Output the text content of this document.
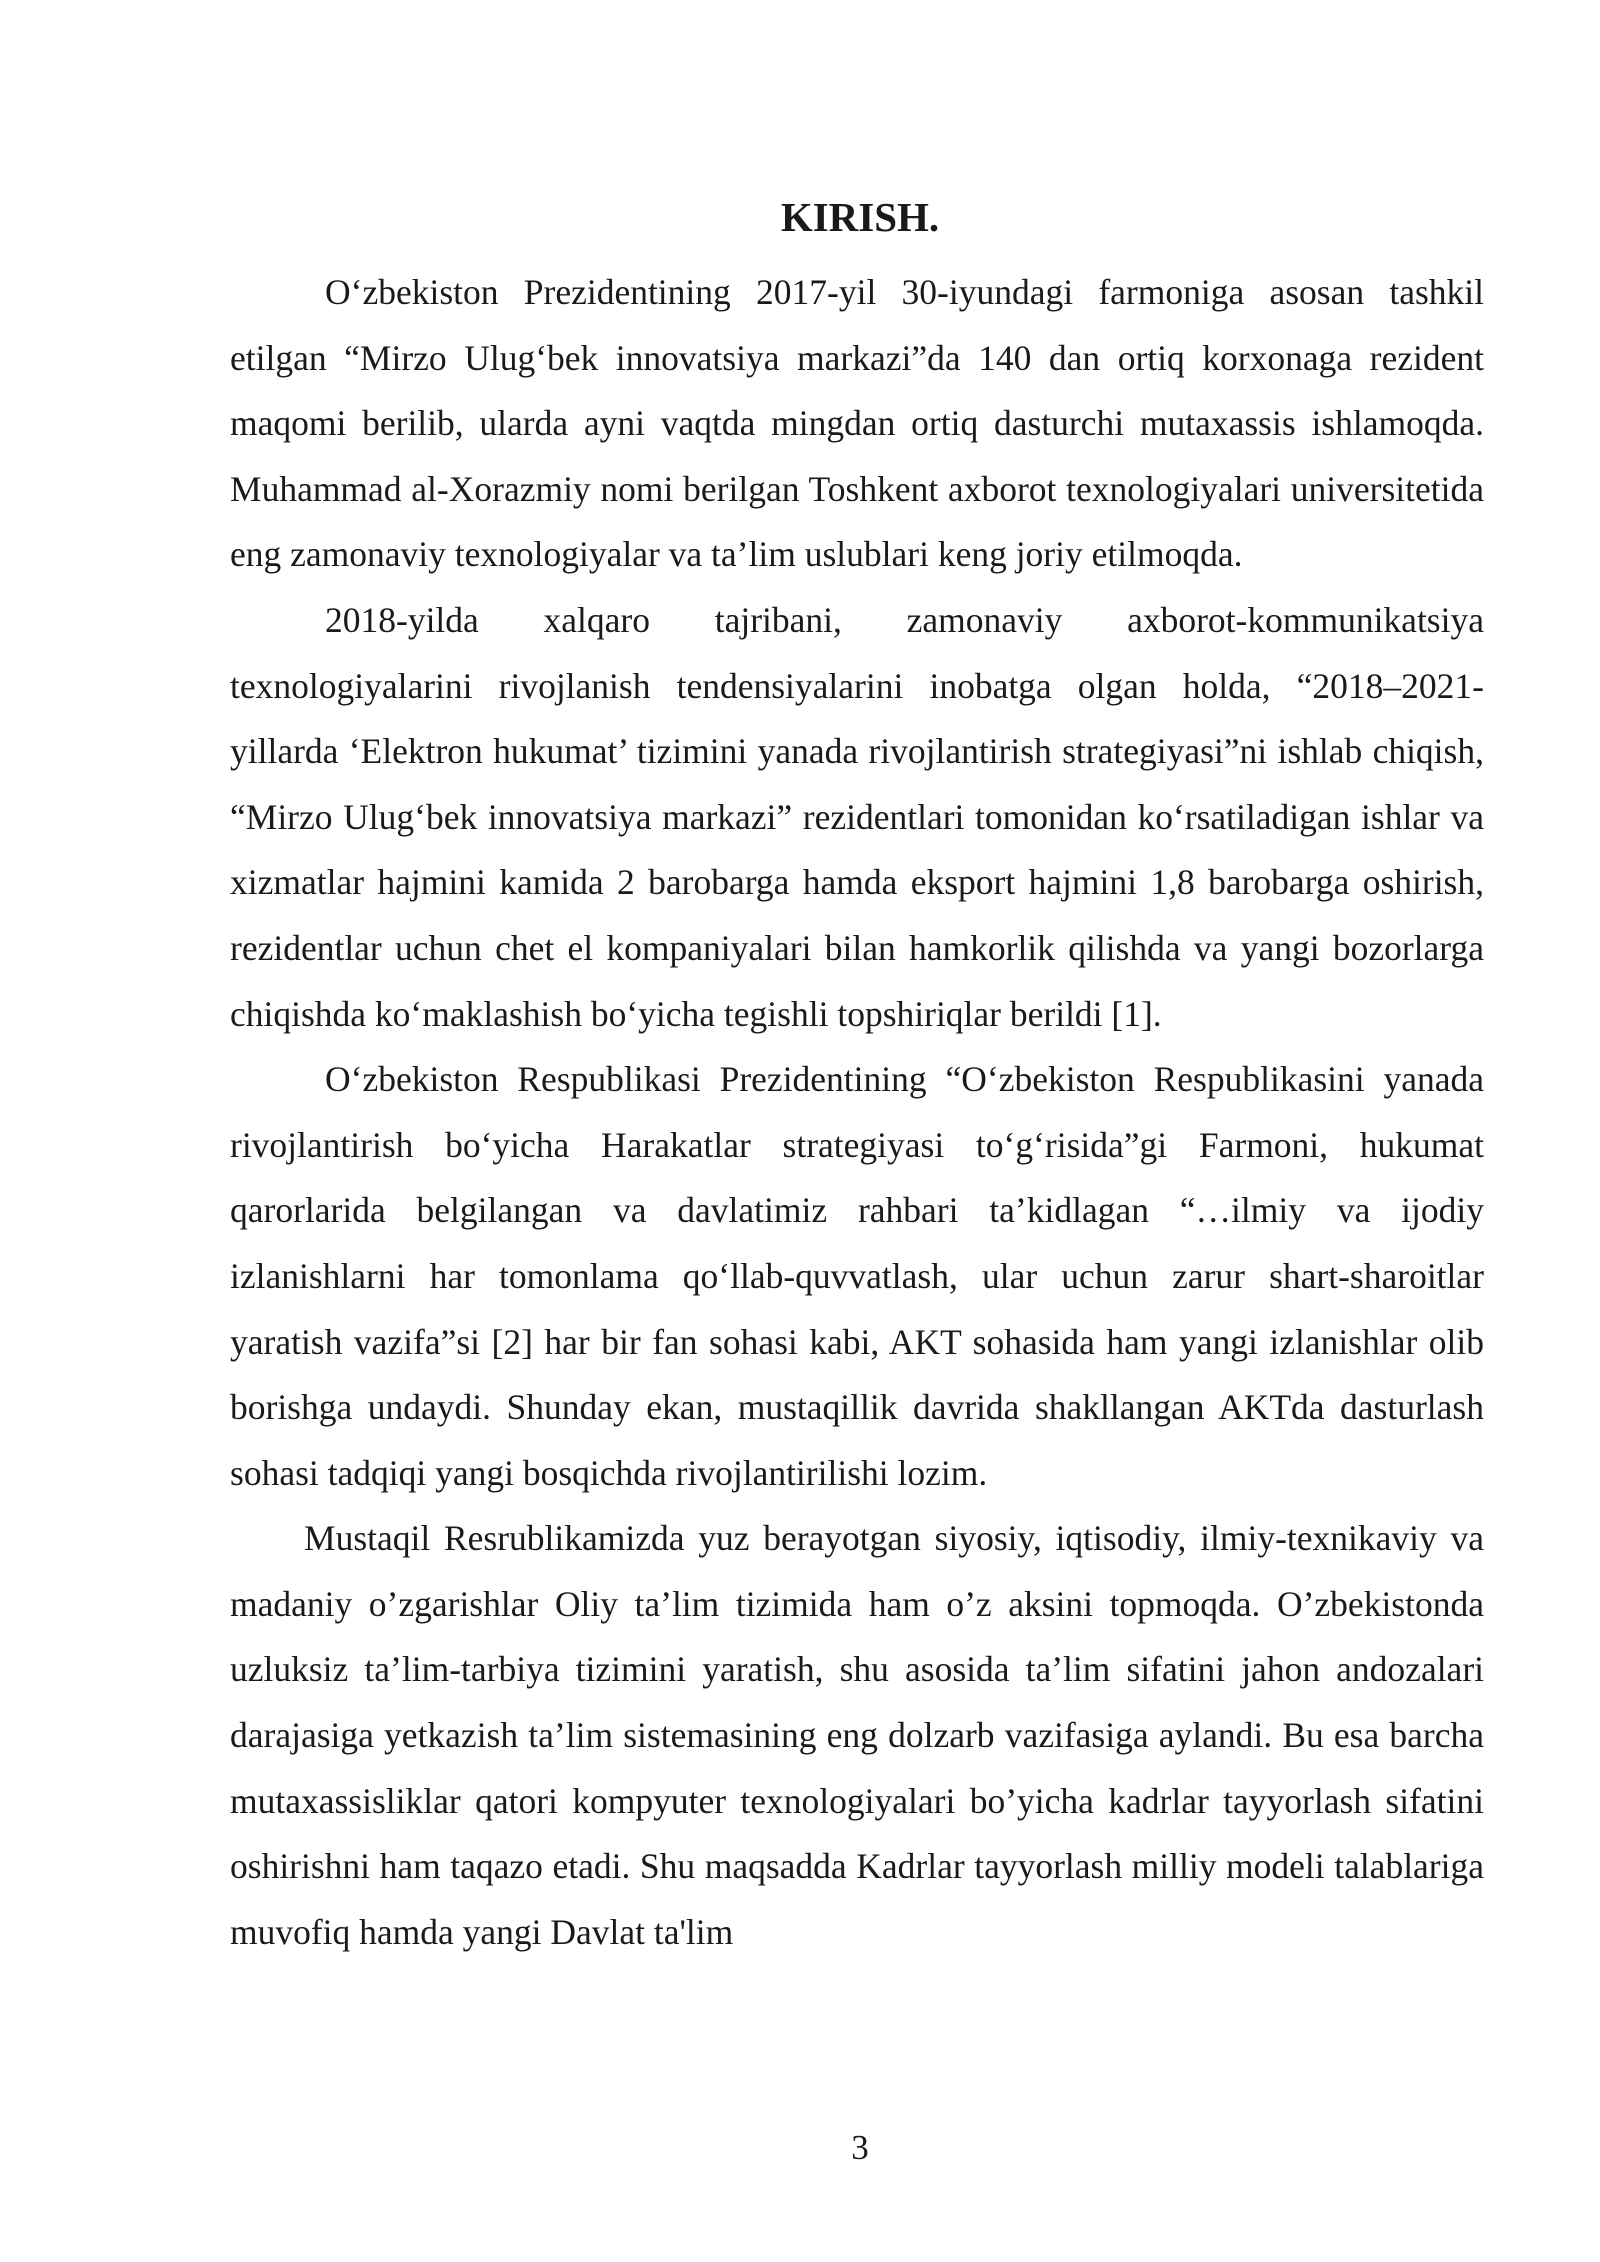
KIRISH.

O‘zbekiston Prezidentining 2017-yil 30-iyundagi farmoniga asosan tashkil etilgan “Mirzo Ulug‘bek innovatsiya markazi”da 140 dan ortiq korxonaga rezident maqomi berilib, ularda ayni vaqtda mingdan ortiq dasturchi mutaxassis ishlamoqda. Muhammad al-Xorazmiy nomi berilgan Toshkent axborot texnologiyalari universitetida eng zamonaviy texnologiyalar va ta’lim uslublari keng joriy etilmoqda.

2018-yilda xalqaro tajribani, zamonaviy axborot-kommunikatsiya texnologiyalarini rivojlanish tendensiyalarini inobatga olgan holda, “2018–2021-yillarda ‘Elektron hukumat’ tizimini yanada rivojlantirish strategiyasi”ni ishlab chiqish, “Mirzo Ulug‘bek innovatsiya markazi” rezidentlari tomonidan ko‘rsatiladigan ishlar va xizmatlar hajmini kamida 2 barobarga hamda eksport hajmini 1,8 barobarga oshirish, rezidentlar uchun chet el kompaniyalari bilan hamkorlik qilishda va yangi bozorlarga chiqishda ko‘maklashish bo‘yicha tegishli topshiriqlar berildi [1].

O‘zbekiston Respublikasi Prezidentining “O‘zbekiston Respublikasini yanada rivojlantirish bo‘yicha Harakatlar strategiyasi to‘g‘risida”gi Farmoni, hukumat qarorlarida belgilangan va davlatimiz rahbari ta’kidlagan “…ilmiy va ijodiy izlanishlarni har tomonlama qo‘llab-quvvatlash, ular uchun zarur shart-sharoitlar yaratish vazifa”si [2] har bir fan sohasi kabi, AKT sohasida ham yangi izlanishlar olib borishga undaydi. Shunday ekan, mustaqillik davrida shakllangan AKTda dasturlash sohasi tadqiqi yangi bosqichda rivojlantirilishi lozim.

Mustaqil Resrublikamizda yuz berayotgan siyosiy, iqtisodiy, ilmiy-texnikaviy va madaniy o’zgarishlar Oliy ta’lim tizimida ham o’z aksini topmoqda. O’zbekistonda uzluksiz ta’lim-tarbiya tizimini yaratish, shu asosida ta’lim sifatini jahon andozalari darajasiga yetkazish ta’lim sistemasining eng dolzarb vazifasiga aylandi. Bu esa barcha mutaxassisliklar qatori kompyuter texnologiyalari bo’yicha kadrlar tayyorlash sifatini oshirishni ham taqazo etadi. Shu maqsadda Kadrlar tayyorlash milliy modeli talablariga muvofiq hamda yangi Davlat ta'lim

3
